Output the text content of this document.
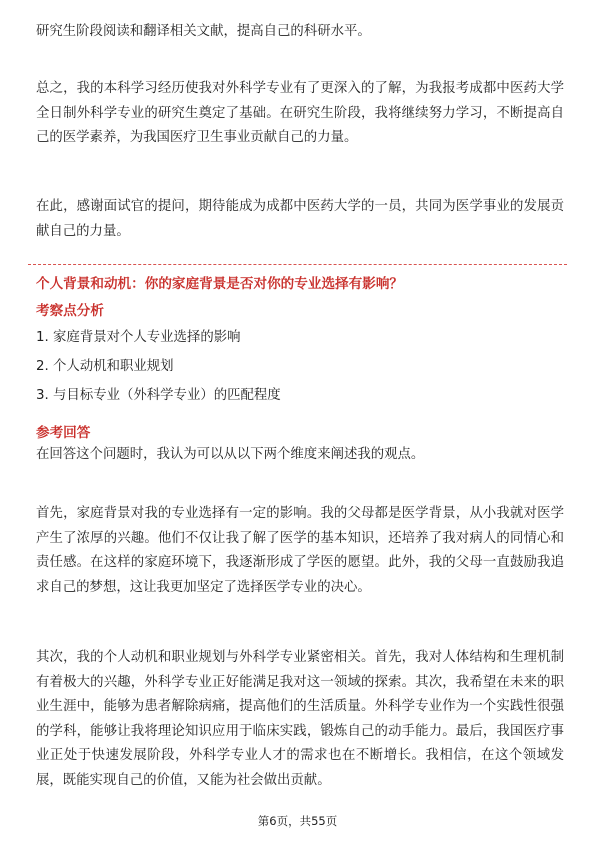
研究生阶段阅读和翻译相关文献，提高自己的科研水平。

总之，我的本科学习经历使我对外科学专业有了更深入的了解，为我报考成都中医药大学全日制外科学专业的研究生奠定了基础。在研究生阶段，我将继续努力学习，不断提高自己的医学素养，为我国医疗卫生事业贡献自己的力量。

在此，感谢面试官的提问，期待能成为成都中医药大学的一员，共同为医学事业的发展贡献自己的力量。

个人背景和动机：你的家庭背景是否对你的专业选择有影响？

考察点分析

1. 家庭背景对个人专业选择的影响

2. 个人动机和职业规划

3. 与目标专业（外科学专业）的匹配程度

参考回答

在回答这个问题时，我认为可以从以下两个维度来阐述我的观点。

首先，家庭背景对我的专业选择有一定的影响。我的父母都是医学背景，从小我就对医学产生了浓厚的兴趣。他们不仅让我了解了医学的基本知识，还培养了我对病人的同情心和责任感。在这样的家庭环境下，我逐渐形成了学医的愿望。此外，我的父母一直鼓励我追求自己的梦想，这让我更加坚定了选择医学专业的决心。

其次，我的个人动机和职业规划与外科学专业紧密相关。首先，我对人体结构和生理机制有着极大的兴趣，外科学专业正好能满足我对这一领域的探索。其次，我希望在未来的职业生涯中，能够为患者解除病痛，提高他们的生活质量。外科学专业作为一个实践性很强的学科，能够让我将理论知识应用于临床实践，锻炼自己的动手能力。最后，我国医疗事业正处于快速发展阶段，外科学专业人才的需求也在不断增长。我相信，在这个领域发展，既能实现自己的价值，又能为社会做出贡献。

第6页，共55页
